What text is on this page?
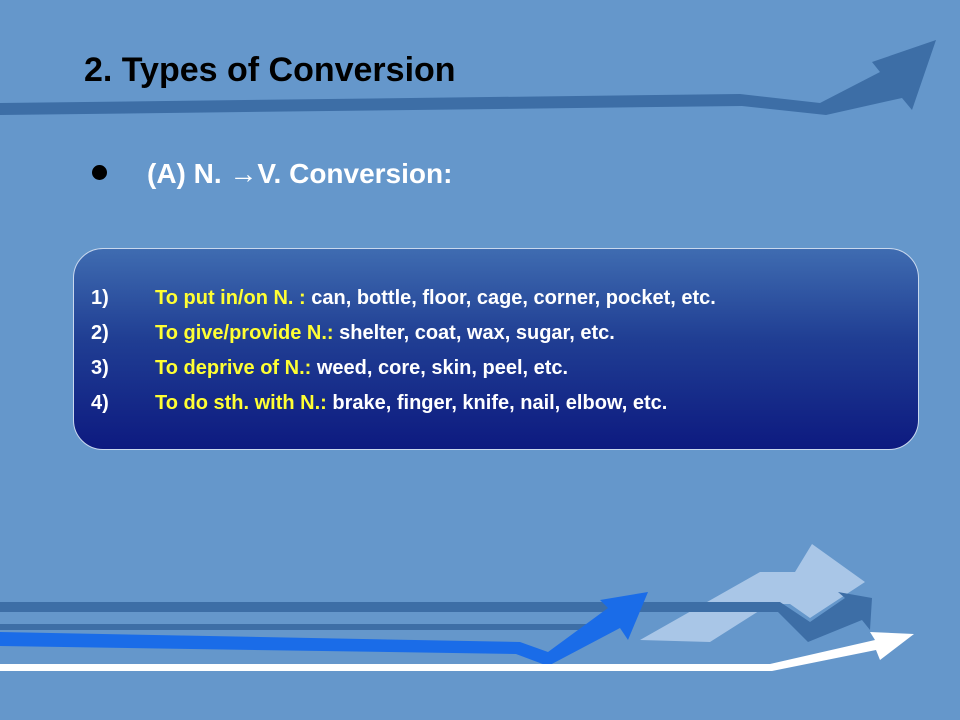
2. Types of Conversion
(A) N. →V. Conversion:
1) To put in/on N. : can, bottle, floor, cage, corner, pocket, etc.
2) To give/provide N.: shelter, coat, wax, sugar, etc.
3) To deprive of N.: weed, core, skin, peel, etc.
4) To do sth. with N.: brake, finger, knife, nail, elbow, etc.
